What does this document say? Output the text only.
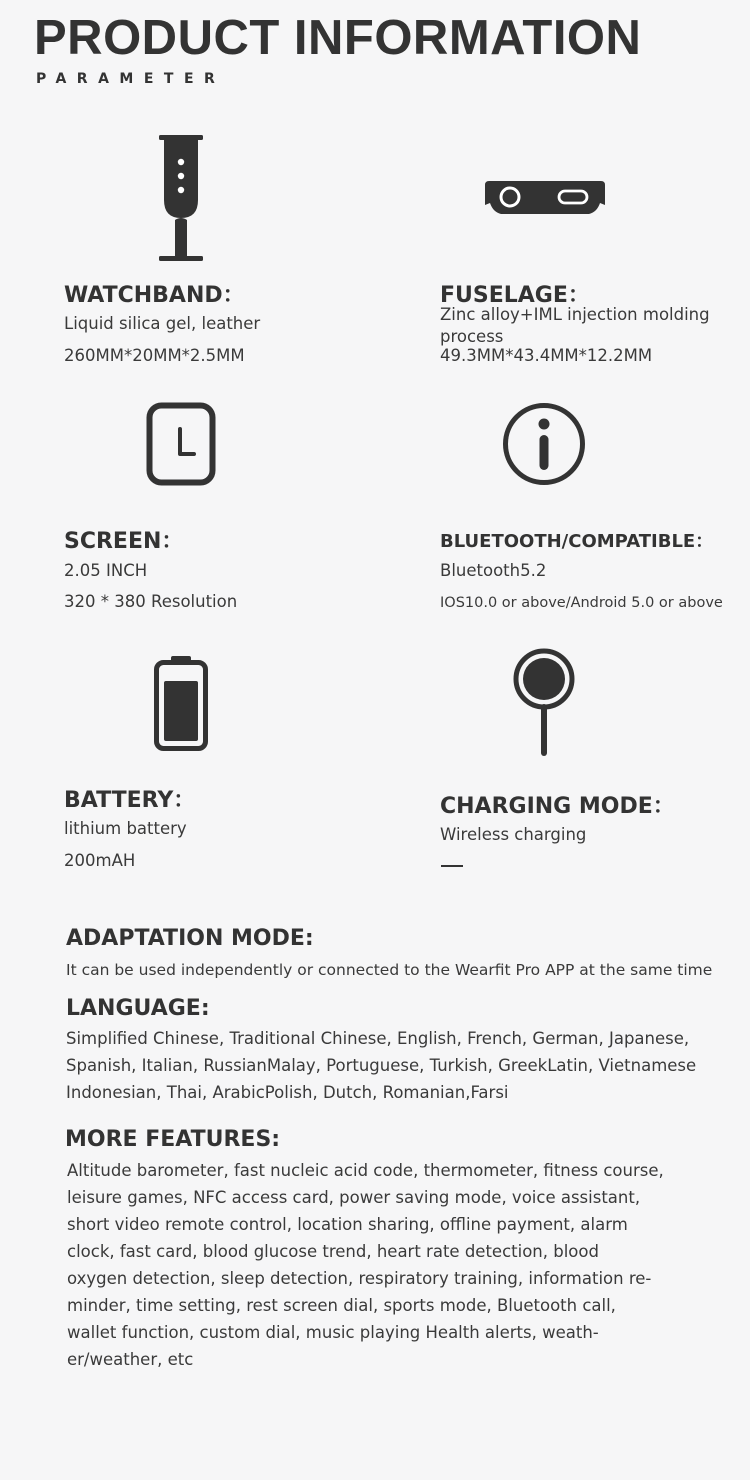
PRODUCT INFORMATION
PARAMETER
WATCHBAND：
Liquid silica gel, leather
260MM*20MM*2.5MM
FUSELAGE：
Zinc alloy+IML injection molding
process
49.3MM*43.4MM*12.2MM
SCREEN：
2.05 INCH
320 * 380 Resolution
BLUETOOTH/COMPATIBLE：
Bluetooth5.2
IOS10.0 or above/Android 5.0 or above
BATTERY：
lithium battery
200mAH
CHARGING MODE：
Wireless charging
ADAPTATION MODE:
It can be used independently or connected to the Wearfit Pro APP at the same time
LANGUAGE:
Simplified Chinese, Traditional Chinese, English, French, German, Japanese,
Spanish, Italian, RussianMalay, Portuguese, Turkish, GreekLatin, Vietnamese
Indonesian, Thai, ArabicPolish, Dutch, Romanian,Farsi
MORE FEATURES:
Altitude barometer, fast nucleic acid code, thermometer, fitness course,
leisure games, NFC access card, power saving mode, voice assistant,
short video remote control, location sharing, offline payment, alarm
clock, fast card, blood glucose trend, heart rate detection, blood
oxygen detection, sleep detection, respiratory training, information re-
minder, time setting, rest screen dial, sports mode, Bluetooth call,
wallet function, custom dial, music playing Health alerts, weath-
er/weather, etc
